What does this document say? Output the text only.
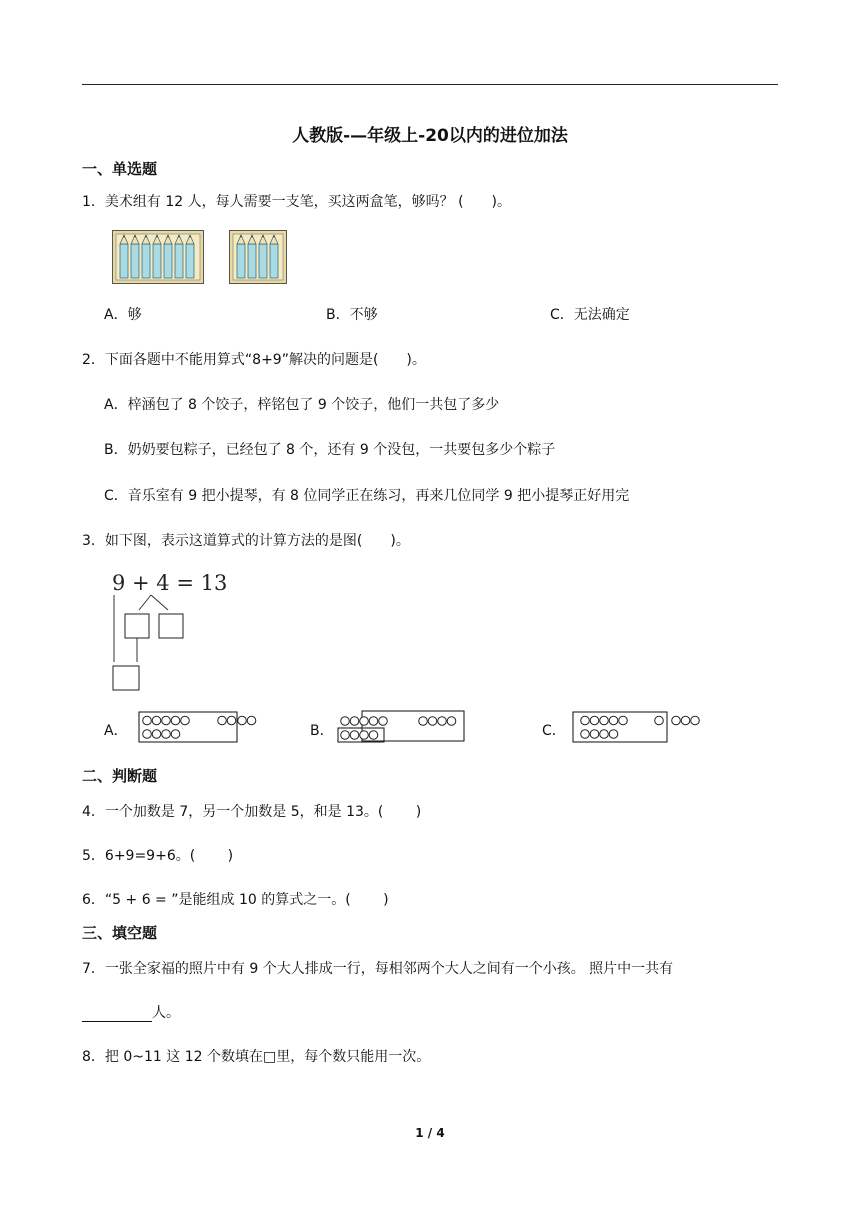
人教版-—年级上-20以内的进位加法
一、单选题
1．美术组有 12 人，每人需要一支笔，买这两盒笔，够吗？ (　　)。
A．够	B．不够	C．无法确定
2．下面各题中不能用算式“8+9”解决的问题是(　　)。
A．梓涵包了 8 个饺子，梓铭包了 9 个饺子，他们一共包了多少
B．奶奶要包粽子，已经包了 8 个，还有 9 个没包，一共要包多少个粽子
C．音乐室有 9 把小提琴，有 8 位同学正在练习，再来几位同学 9 把小提琴正好用完
3．如下图，表示这道算式的计算方法的是图(　　)。
9 + 4 = 13
A．	B．	C．
二、判断题
4．一个加数是 7，另一个加数是 5，和是 13。(　　 )
5．6+9=9+6。(　　 )
6．“5 + 6 = ”是能组成 10 的算式之一。(　　 )
三、填空题
7．一张全家福的照片中有 9 个大人排成一行，每相邻两个大人之间有一个小孩。 照片中一共有
人。
8．把 0~11 这 12 个数填在□里，每个数只能用一次。
1 / 4
